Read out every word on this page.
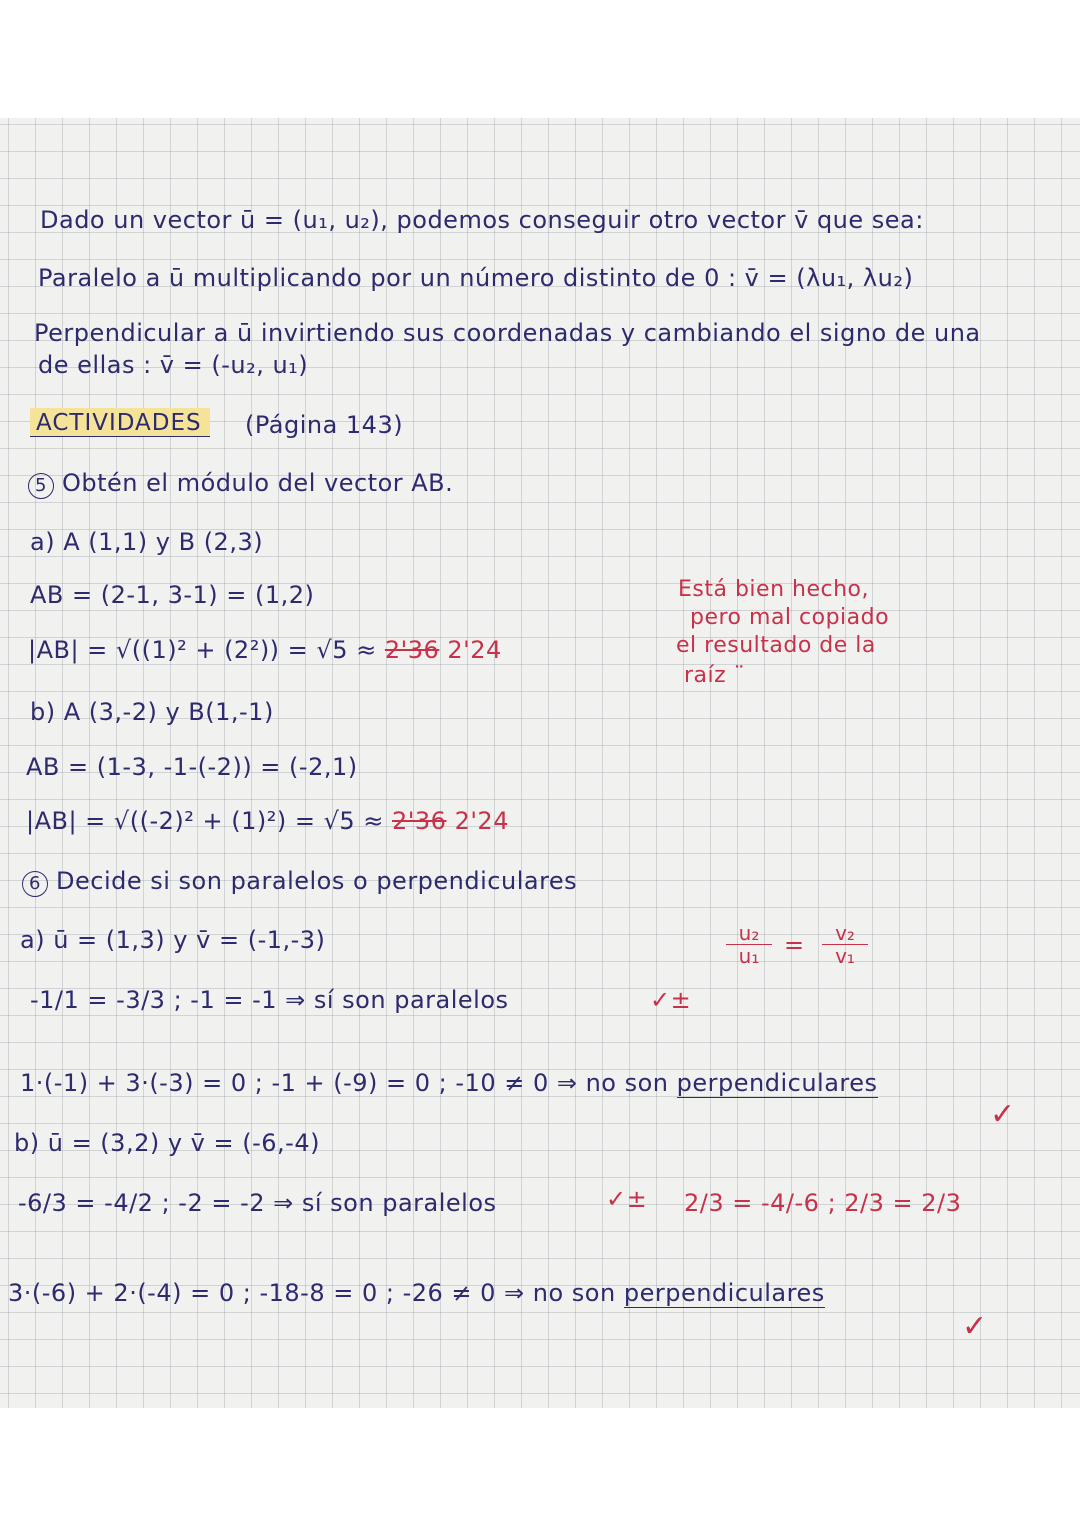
Dado un vector ū = (u₁, u₂), podemos conseguir otro vector v̄ que sea:
Paralelo a ū multiplicando por un número distinto de 0 : v̄ = (λu₁, λu₂)
Perpendicular a ū invirtiendo sus coordenadas y cambiando el signo de una
de ellas : v̄ = (-u₂, u₁)
ACTIVIDADES	(Página 143)
5 Obtén el módulo del vector AB.
a) A (1,1) y B (2,3)
AB = (2-1, 3-1) = (1,2)
|AB| = √((1)² + (2²)) = √5 ≈ 2'36 2'24
Está bien hecho,
pero mal copiado
el resultado de la
raíz ¨
b) A (3,-2) y B(1,-1)
AB = (1-3, -1-(-2)) = (-2,1)
|AB| = √((-2)² + (1)²) = √5 ≈ 2'36 2'24
6 Decide si son paralelos o perpendiculares
a) ū = (1,3) y v̄ = (-1,-3)	$\frac{\text{u₂}}{\text{u₁}} = \frac{\text{v₂}}{\text{v₁}}$
-1/1 = -3/3 ; -1 = -1 ⇒ sí son paralelos	✓±
1·(-1) + 3·(-3) = 0 ; -1 + (-9) = 0 ; -10 ≠ 0 ⇒ no son perpendiculares
✓
b) ū = (3,2) y v̄ = (-6,-4)
-6/3 = -4/2 ; -2 = -2 ⇒ sí son paralelos	✓± 2/3 = -4/-6 ; 2/3 = 2/3
3·(-6) + 2·(-4) = 0 ; -18-8 = 0 ; -26 ≠ 0 ⇒ no son perpendiculares
✓
